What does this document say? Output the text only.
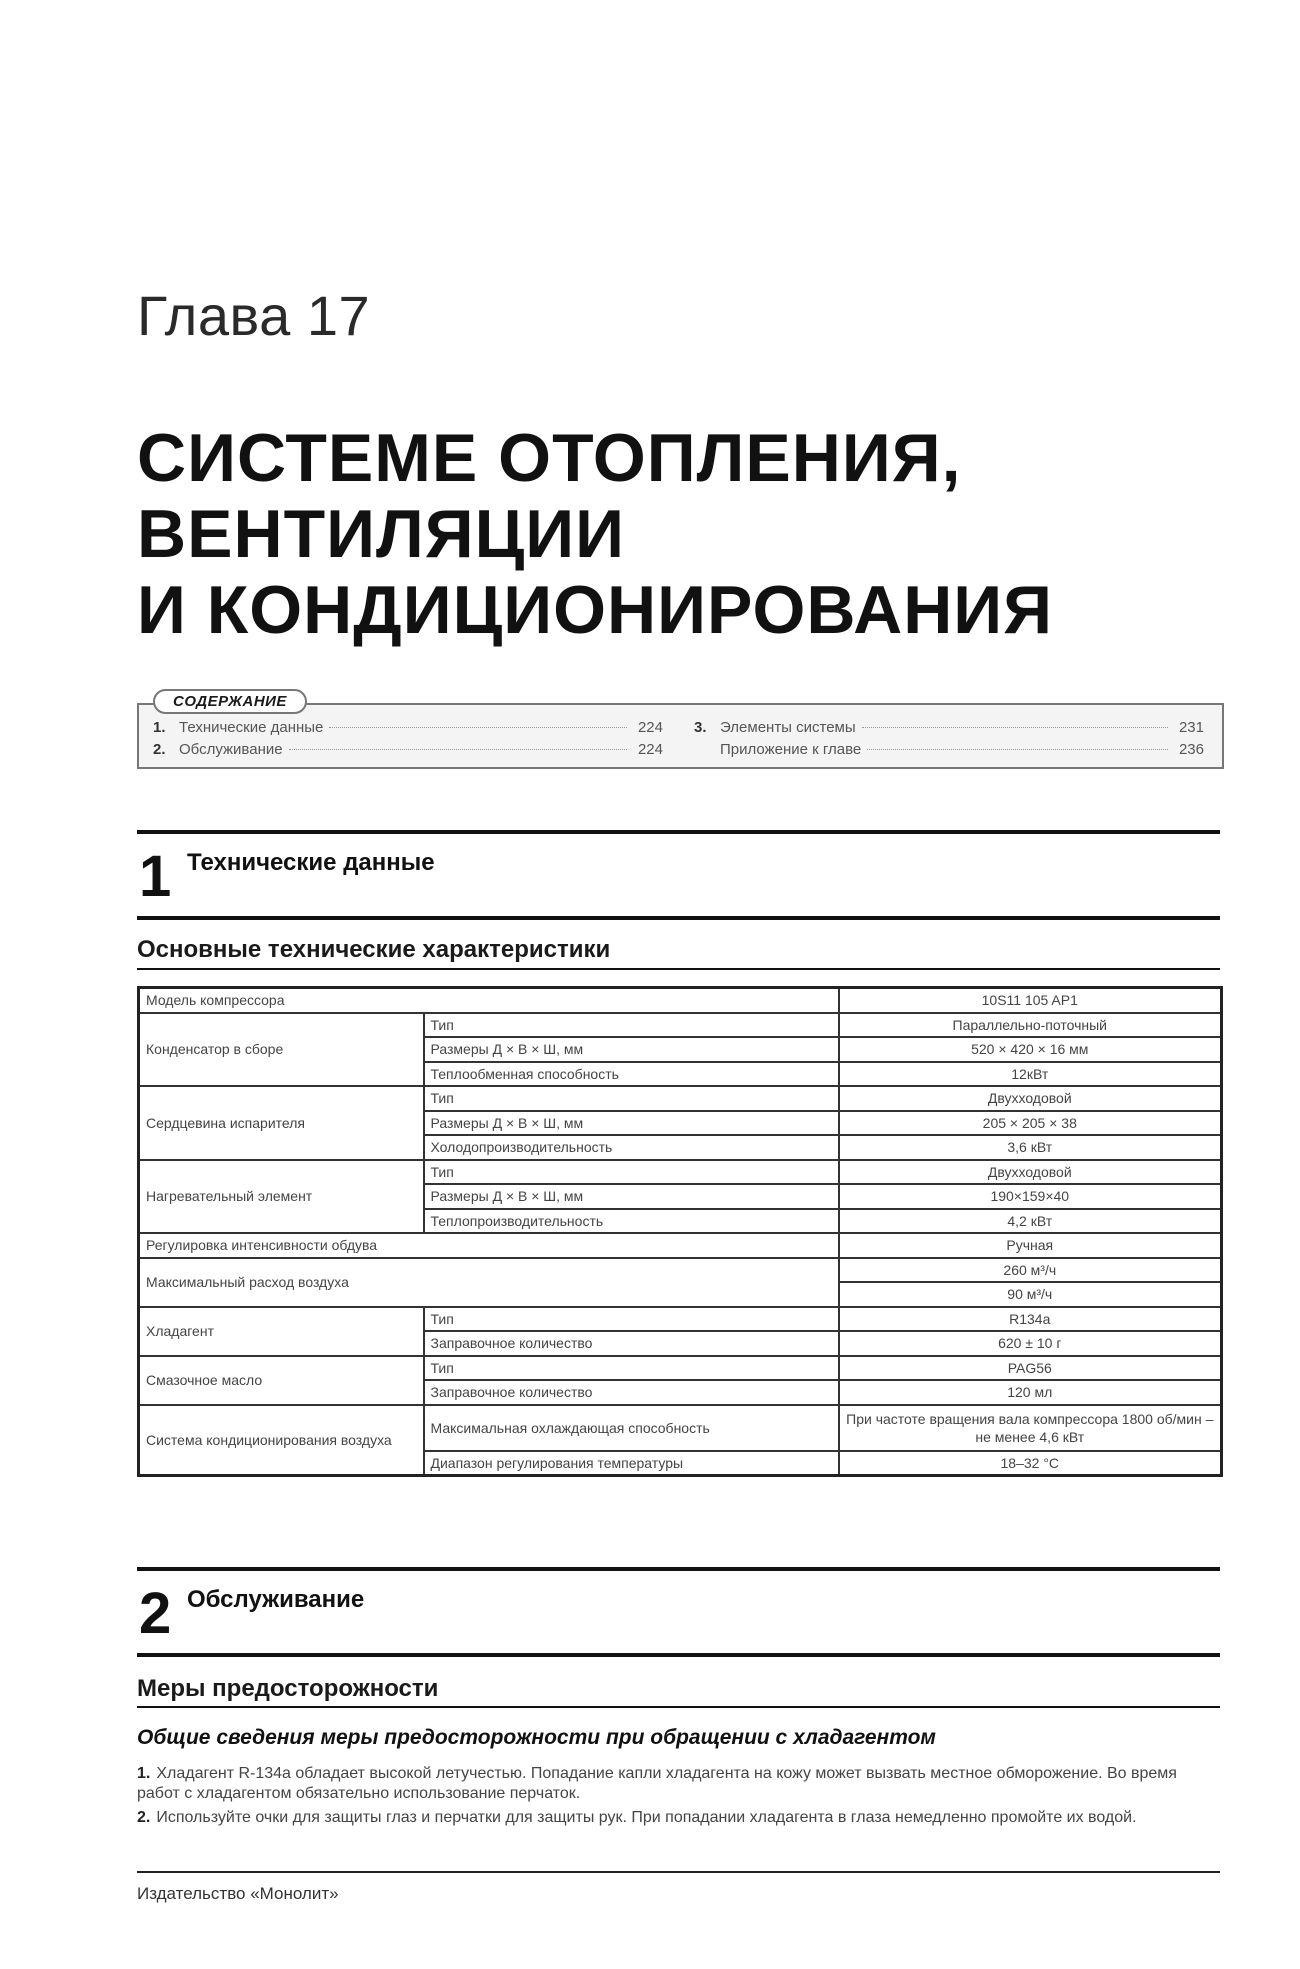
Глава 17
СИСТЕМЕ ОТОПЛЕНИЯ,
ВЕНТИЛЯЦИИ
И КОНДИЦИОНИРОВАНИЯ
СОДЕРЖАНИЕ
1. Технические данные	224
2. Обслуживание	224
3. Элементы системы	231
Приложение к главе	236
1 Технические данные
Основные технические характеристики
Модель компрессора		10S11 105 AP1
Конденсатор в сборе	Тип	Параллельно-поточный
	Размеры Д × В × Ш, мм	520 × 420 × 16 мм
	Теплообменная способность	12кВт
Сердцевина испарителя	Тип	Двухходовой
	Размеры Д × В × Ш, мм	205 × 205 × 38
	Холодопроизводительность	3,6 кВт
Нагревательный элемент	Тип	Двухходовой
	Размеры Д × В × Ш, мм	190×159×40
	Теплопроизводительность	4,2 кВт
Регулировка интенсивности обдува		Ручная
Максимальный расход воздуха		260 м³/ч
		90 м³/ч
Хладагент	Тип	R134a
	Заправочное количество	620 ± 10 г
Смазочное масло	Тип	PAG56
	Заправочное количество	120 мл
Система кондиционирования воздуха	Максимальная охлаждающая способность	При частоте вращения вала компрессора 1800 об/мин – не менее 4,6 кВт
	Диапазон регулирования температуры	18–32 °C
2 Обслуживание
Меры предосторожности
Общие сведения меры предосторожности при обращении с хладагентом
1. Хладагент R-134a обладает высокой летучестью. Попадание капли хладагента на кожу может вызвать местное обморожение. Во время работ с хладагентом обязательно использование перчаток.
2. Используйте очки для защиты глаз и перчатки для защиты рук. При попадании хладагента в глаза немедленно промойте их водой.
Издательство «Монолит»
